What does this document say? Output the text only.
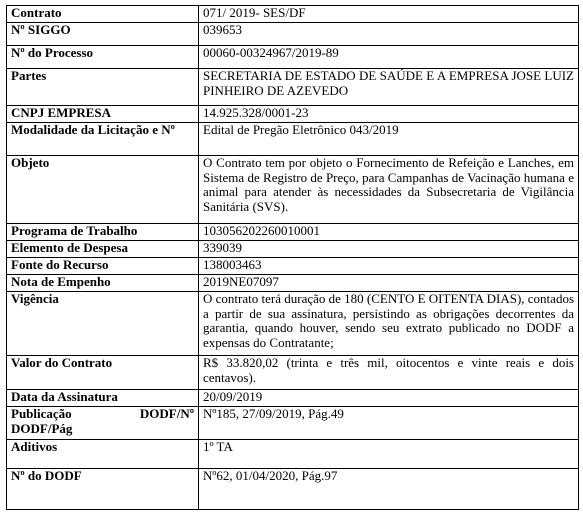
Contrato	071/ 2019- SES/DF
Nº SIGGO	039653
Nº do Processo	00060-00324967/2019-89
Partes	SECRETARIA DE ESTADO DE SAÚDE E A EMPRESA JOSE LUIZ PINHEIRO DE AZEVEDO
CNPJ EMPRESA	14.925.328/0001-23
Modalidade da Licitação e Nº	Edital de Pregão Eletrônico 043/2019
Objeto	O Contrato tem por objeto o Fornecimento de Refeição e Lanches, em Sistema de Registro de Preço, para Campanhas de Vacinação humana e animal para atender às necessidades da Subsecretaria de Vigilância Sanitária (SVS).
Programa de Trabalho	103056202260010001
Elemento de Despesa	339039
Fonte do Recurso	138003463
Nota de Empenho	2019NE07097
Vigência	O contrato terá duração de 180 (CENTO E OITENTA DIAS), contados a partir de sua assinatura, persistindo as obrigações decorrentes da garantia, quando houver, sendo seu extrato publicado no DODF a expensas do Contratante;
Valor do Contrato	R$ 33.820,02 (trinta e três mil, oitocentos e vinte reais e dois centavos).
Data da Assinatura	20/09/2019

Publicação DODF/Nº
DODF/Pág	Nº185, 27/09/2019, Pág.49
Aditivos	1º TA
Nº do DODF	Nº62, 01/04/2020, Pág.97
